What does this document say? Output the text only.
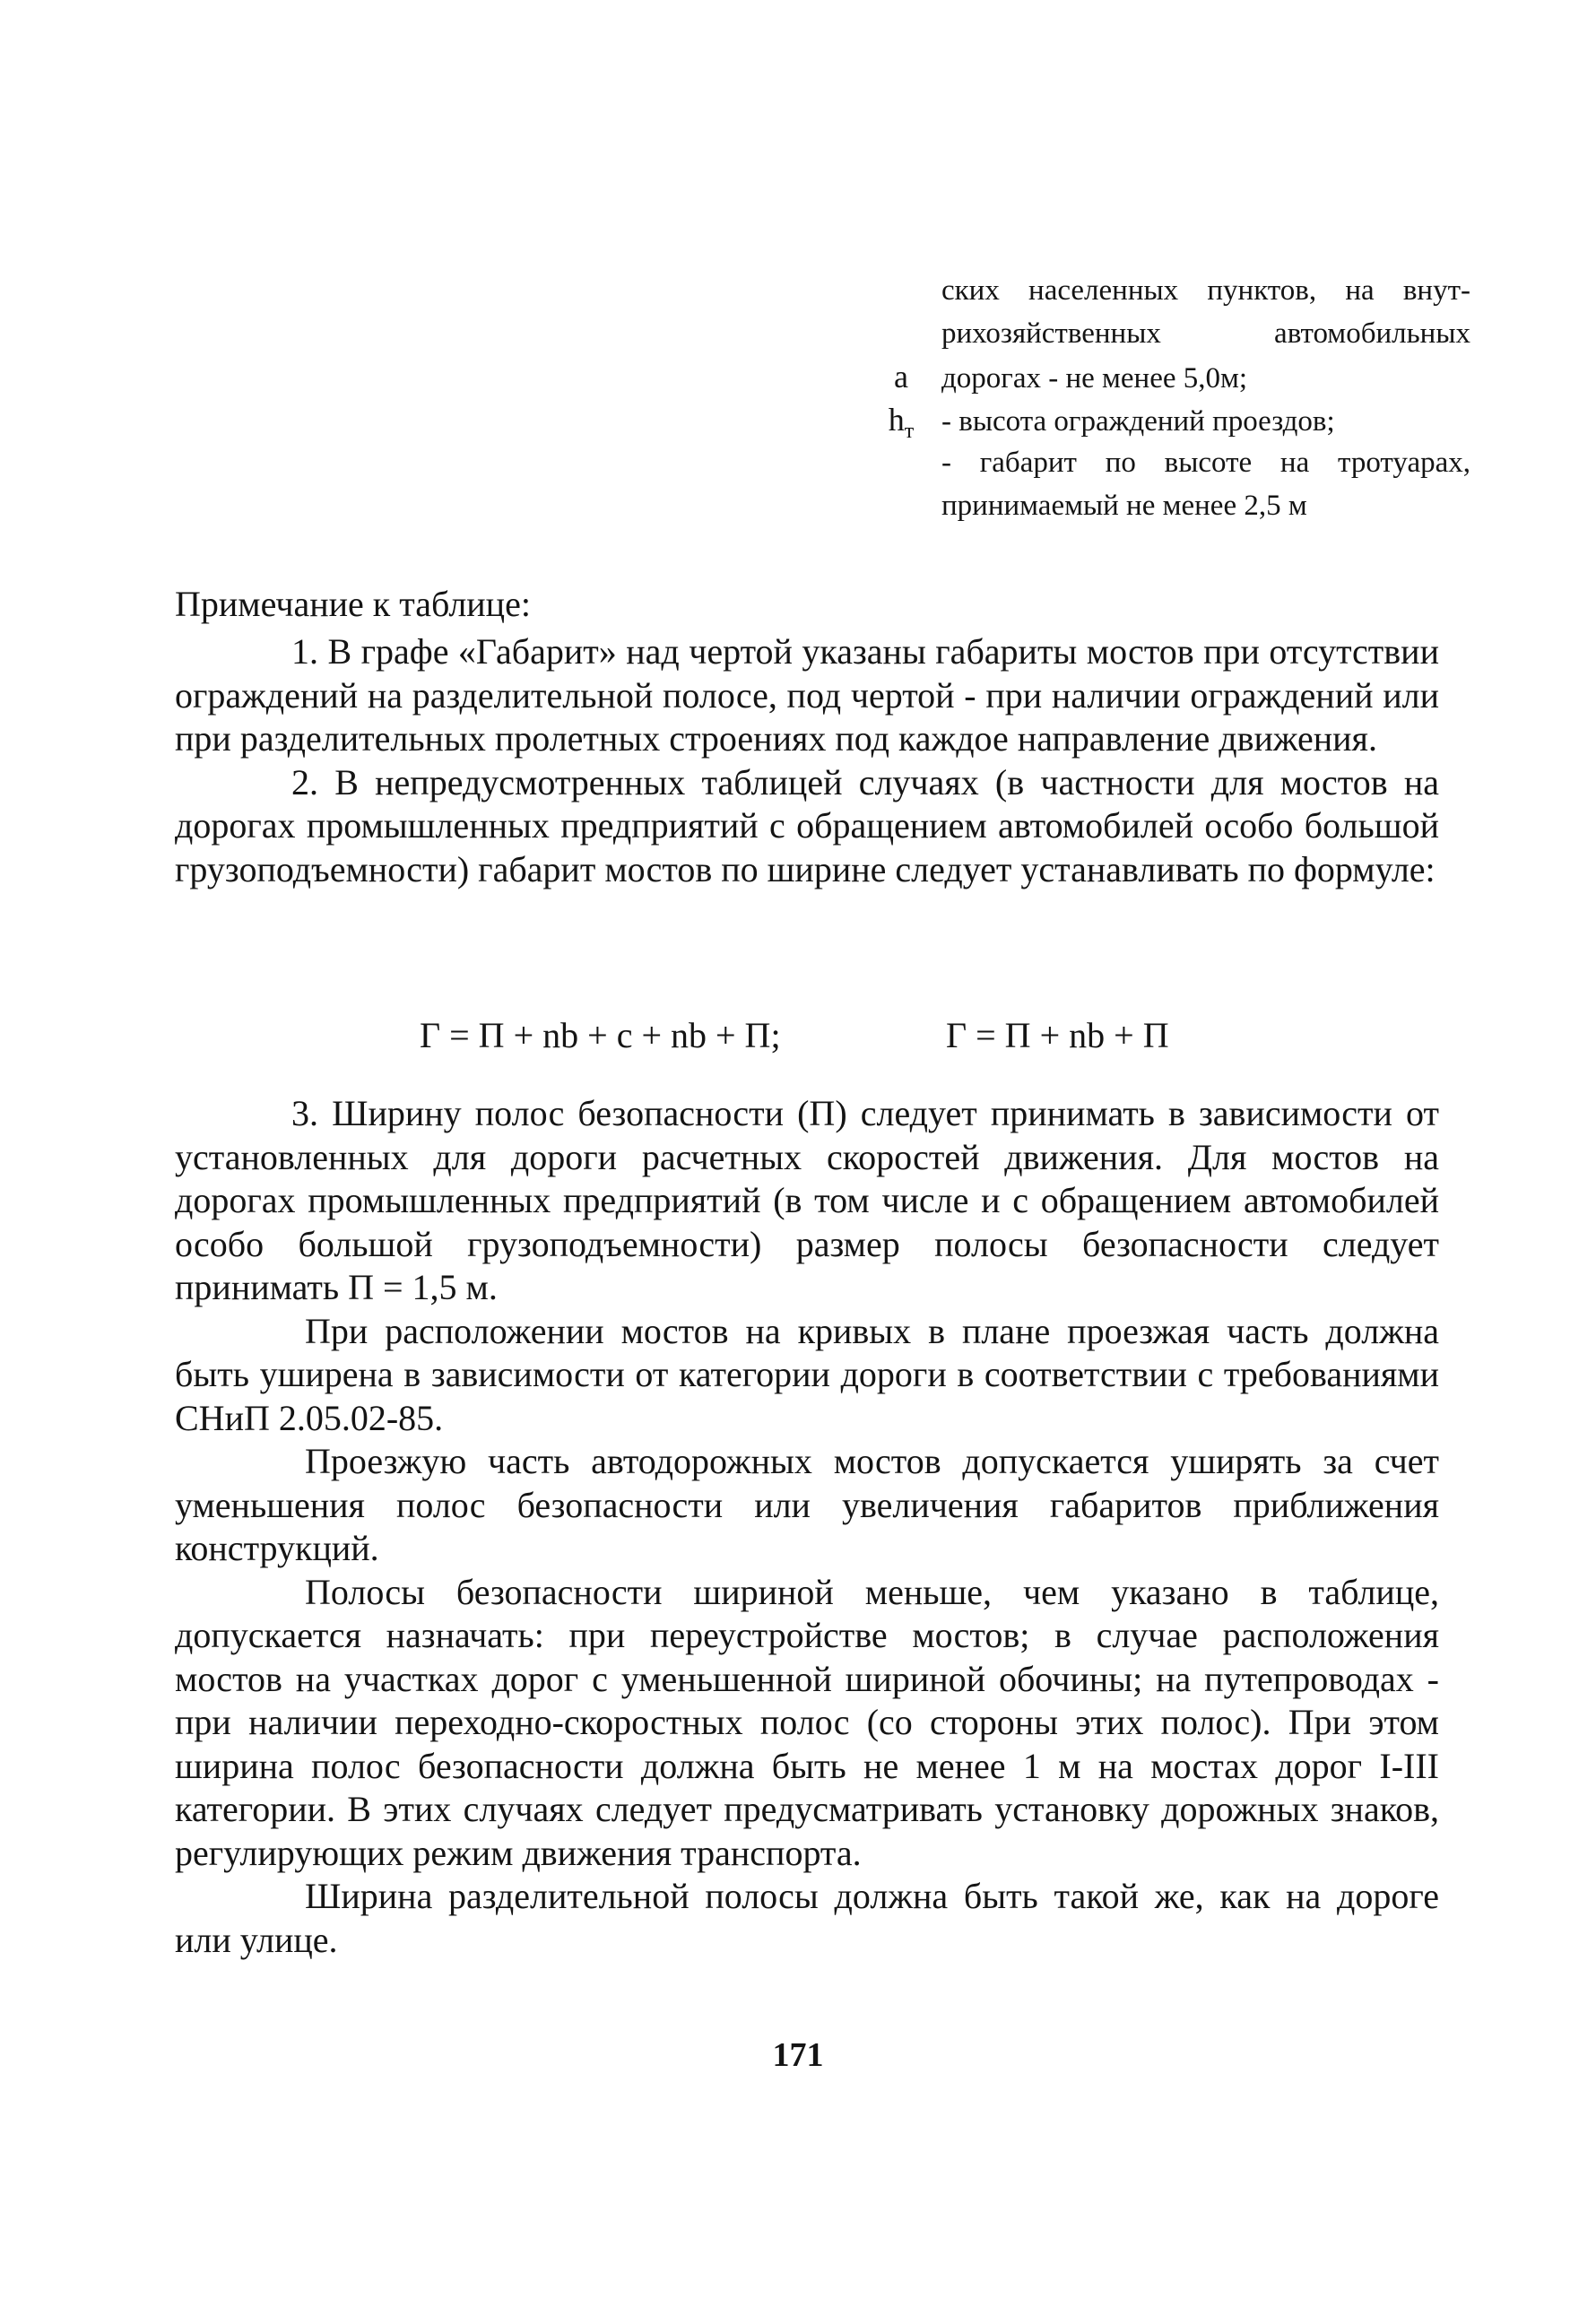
ских населенных пунктов, на внут-
рихозяйственных автомобильных
a	дорогах - не менее 5,0м;
$h_т$ - высота ограждений проездов;
- габарит по высоте на тротуарах,
принимаемый не менее 2,5 м

Примечание к таблице:

1. В графе «Габарит» над чертой указаны габариты мостов при отсутствии ограждений на разделительной полосе, под чертой - при наличии ограждений или при разделительных пролетных строениях под каждое направление движения.

2. В непредусмотренных таблицей случаях (в частности для мостов на дорогах промышленных предприятий с обращением автомобилей особо большой грузоподъемности) габарит мостов по ширине следует устанавливать по формуле:

Г = П + nb + c + nb + П;	Г = П + nb + П

3. Ширину полос безопасности (П) следует принимать в зависимости от установленных для дороги расчетных скоростей движения. Для мостов на дорогах промышленных предприятий (в том числе и с обращением автомобилей особо большой грузоподъемности) размер полосы безопасности следует принимать П = 1,5 м.

При расположении мостов на кривых в плане проезжая часть должна быть уширена в зависимости от категории дороги в соответствии с требованиями СНиП 2.05.02-85.

Проезжую часть автодорожных мостов допускается уширять за счет уменьшения полос безопасности или увеличения габаритов приближения конструкций.

Полосы безопасности шириной меньше, чем указано в таблице, допускается назначать: при переустройстве мостов; в случае расположения мостов на участках дорог с уменьшенной шириной обочины; на путепроводах - при наличии переходно-скоростных полос (со стороны этих полос). При этом ширина полос безопасности должна быть не менее 1 м на мостах дорог I-III категории. В этих случаях следует предусматривать установку дорожных знаков, регулирующих режим движения транспорта.

Ширина разделительной полосы должна быть такой же, как на дороге или улице.

171
